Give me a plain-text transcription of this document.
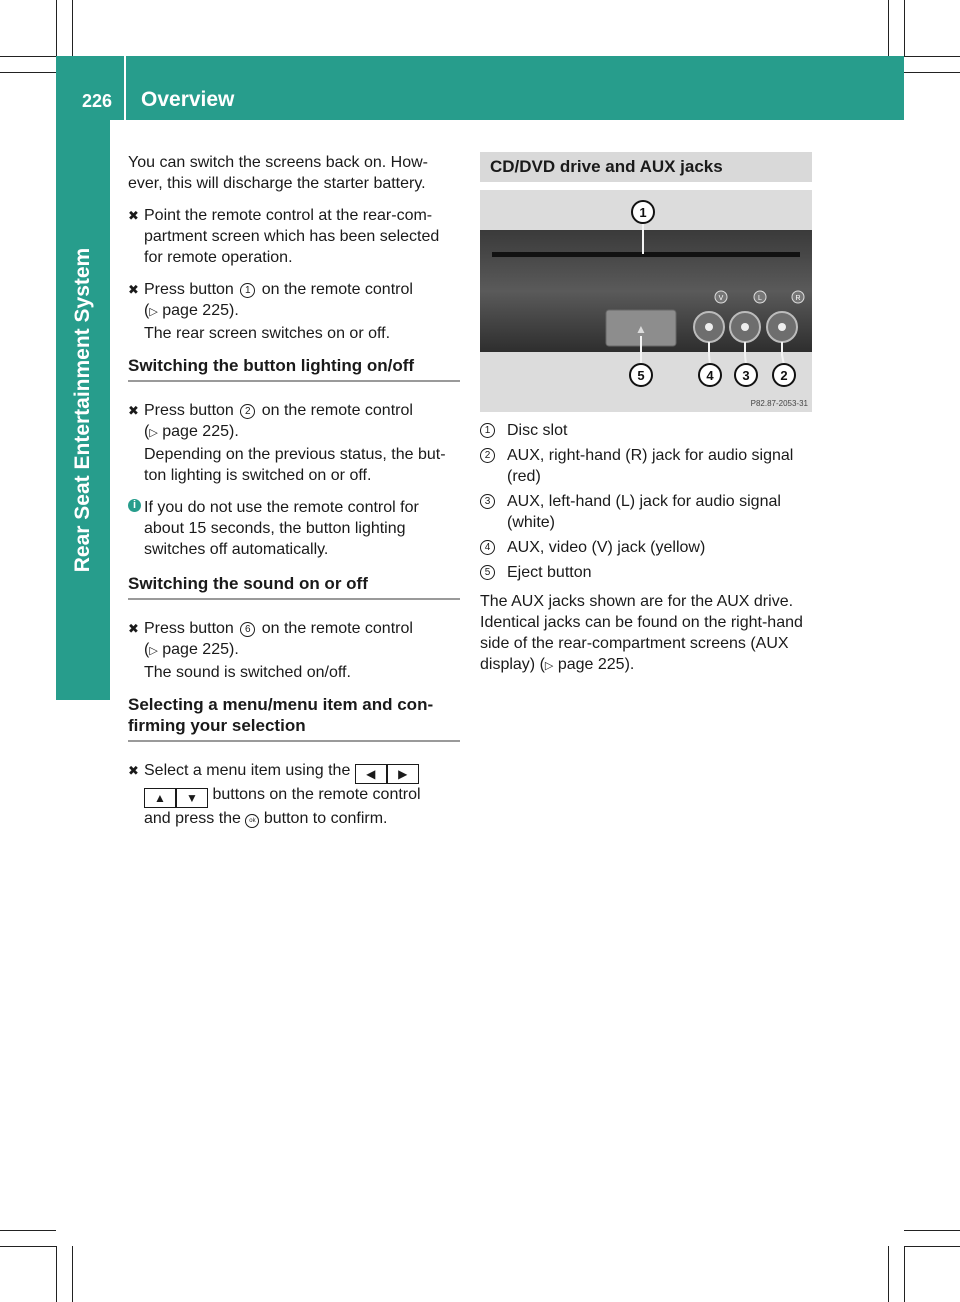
226 Overview
Rear Seat Entertainment System

You can switch the screens back on. How-
ever, this will discharge the starter battery.

✖ Point the remote control at the rear-com-
partment screen which has been selected
for remote operation.
✖ Press button 1 on the remote control
(▷ page 225).
The rear screen switches on or off.
Switching the button lighting on/off
✖ Press button 2 on the remote control
(▷ page 225).
Depending on the previous status, the but-
ton lighting is switched on or off.
i If you do not use the remote control for
about 15 seconds, the button lighting
switches off automatically.
Switching the sound on or off
✖ Press button 6 on the remote control
(▷ page 225).
The sound is switched on/off.
Selecting a menu/menu item and con-
firming your selection
✖ Select a menu item using the ◀ ▶
▲ ▼ buttons on the remote control
and press the ok button to confirm.
CD/DVD drive and AUX jacks
▲
V	L	R
1
5	4 3 2
P82.87-2053-31
1 Disc slot
2 AUX, right-hand (R) jack for audio signal
(red)
3 AUX, left-hand (L) jack for audio signal
(white)
4 AUX, video (V) jack (yellow)
5 Eject button

The AUX jacks shown are for the AUX drive.
Identical jacks can be found on the right-hand
side of the rear-compartment screens (AUX
display) (▷ page 225).
